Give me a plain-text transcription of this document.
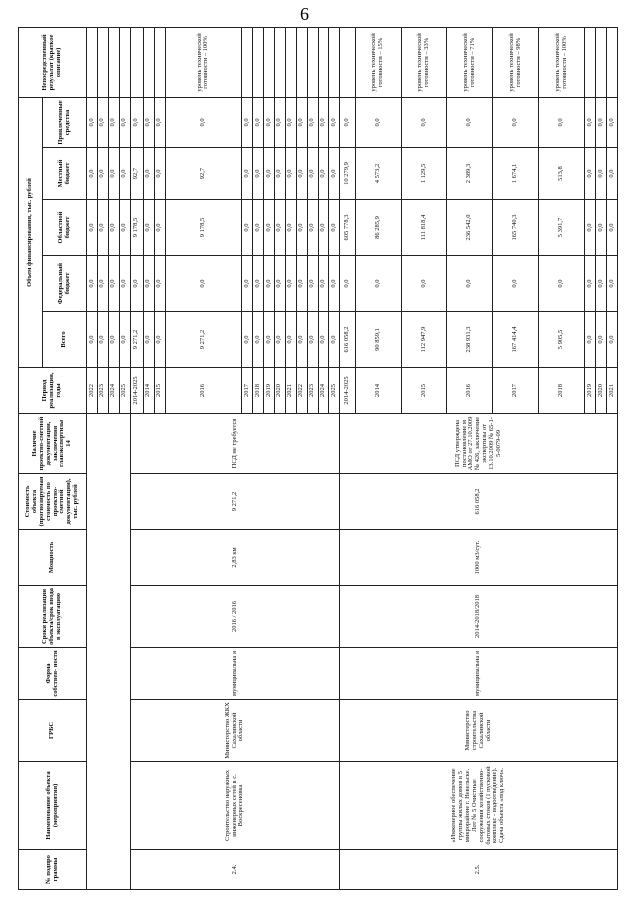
6
№ подпро граммы	Наименование объекта (мероприятия)	ГРБС	Форма собствен- ности	Сроки реализации объекта/срок ввода в эксплуатацию	Мощность	Стоимость объекта (прогнозируемая стоимость по проектно-сметной документации), тыс. рублей	Наличие проектно-сметной документации, заключения главэкспертизы
14	Период реализации, годы	Объем финансирования, тыс. рублей					Непосредственный результат (краткое описание)
									Всего	Федеральный бюджет	Областной бюджет	Местный бюджет	Привлеченные средства	
								2022	0,0	0,0	0,0	0,0	0,0	
								2023	0,0	0,0	0,0	0,0	0,0	
								2024	0,0	0,0	0,0	0,0	0,0	
								2025	0,0	0,0	0,0	0,0	0,0	
2.4.	Строительство наружных инженерных сетей в с. Воскресеновка	Министерство ЖКХ Сахалинской области	муниципальна я	2016 / 2016	2,83 км	9 271,2	ПСД не требуется	2014-2025	9 271,2	0,0	9 178,5	92,7	0,0	
								2014	0,0	0,0	0,0	0,0	0,0	
								2015	0,0	0,0	0,0	0,0	0,0	
								2016	9 271,2	0,0	9 178,5	92,7	0,0	уровень технической готовности – 100%
								2017	0,0	0,0	0,0	0,0	0,0	
								2018	0,0	0,0	0,0	0,0	0,0	
								2019	0,0	0,0	0,0	0,0	0,0	
								2020	0,0	0,0	0,0	0,0	0,0	
								2021	0,0	0,0	0,0	0,0	0,0	
								2022	0,0	0,0	0,0	0,0	0,0	
								2023	0,0	0,0	0,0	0,0	0,0	
								2024	0,0	0,0	0,0	0,0	0,0	
								2025	0,0	0,0	0,0	0,0	0,0	
2.5.	«Инженерное обеспечение группы жилых домов в 5 микрорайоне г. Невельске. Лот № 5 Очистные сооружения хозяйственно-бытовых стоков (1 пусковой комплекс - водоотведение). Сдача объекта «под ключ».	Министерство строительства Сахалинской области	муниципальна я	2014-2018/2018	1000 м3/сут.	616 058,2	ПСД утверждена постановление м АМО от 27.10.2009 № 426, заключение экспертизы от 13.10.2009 № 65-1-5-0079-09	2014-2025	616 058,2	0,0	605 778,3	10 279,9	0,0	
								2014	90 859,1	0,0	86 285,9	4 573,2	0,0	уровень технической готовности – 15%
								2015	112 947,9	0,0	111 818,4	1 129,5	0,0	уровень технической готовности – 33%
								2016	238 931,3	0,0	236 542,0	2 389,3	0,0	уровень технической готовности – 71%
								2017	167 414,4	0,0	165 740,3	1 674,1	0,0	уровень технической готовности – 98%
								2018	5 905,5	0,0	5 391,7	513,8	0,0	уровень технической готовности – 100%
								2019	0,0	0,0	0,0	0,0	0,0	
								2020	0,0	0,0	0,0	0,0	0,0	
								2021	0,0	0,0	0,0	0,0	0,0	
